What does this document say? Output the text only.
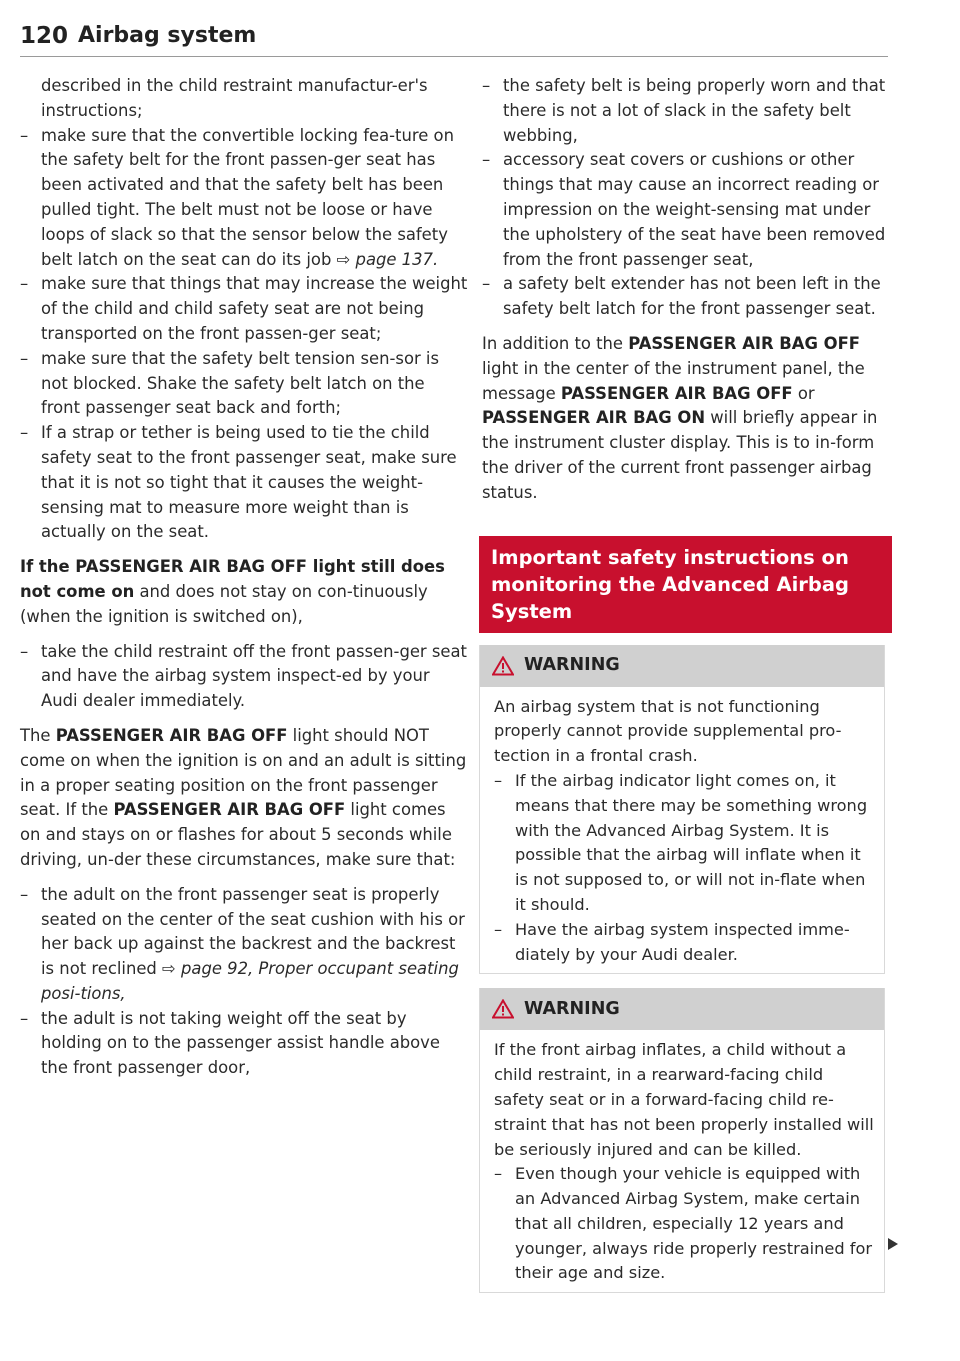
120 Airbag system

described in the child restraint manufactur-er's instructions;

– make sure that the convertible locking fea-ture on the safety belt for the front passen-ger seat has been activated and that the safety belt has been pulled tight. The belt must not be loose or have loops of slack so that the sensor below the safety belt latch on the seat can do its job ⇨ page 137.
– make sure that things that may increase the weight of the child and child safety seat are not being transported on the front passen-ger seat;
– make sure that the safety belt tension sen-sor is not blocked. Shake the safety belt latch on the front passenger seat back and forth;
– If a strap or tether is being used to tie the child safety seat to the front passenger seat, make sure that it is not so tight that it causes the weight-sensing mat to measure more weight than is actually on the seat.

If the PASSENGER AIR BAG OFF light still does not come on and does not stay on con-tinuously (when the ignition is switched on),

– take the child restraint off the front passen-ger seat and have the airbag system inspect-ed by your Audi dealer immediately.

The PASSENGER AIR BAG OFF light should NOT come on when the ignition is on and an adult is sitting in a proper seating position on the front passenger seat. If the PASSENGER AIR BAG OFF light comes on and stays on or flashes for about 5 seconds while driving, un-der these circumstances, make sure that:

– the adult on the front passenger seat is properly seated on the center of the seat cushion with his or her back up against the backrest and the backrest is not reclined ⇨ page 92, Proper occupant seating posi-tions,
– the adult is not taking weight off the seat by holding on to the passenger assist handle above the front passenger door,
– the safety belt is being properly worn and that there is not a lot of slack in the safety belt webbing,
– accessory seat covers or cushions or other things that may cause an incorrect reading or impression on the weight-sensing mat under the upholstery of the seat have been removed from the front passenger seat,
– a safety belt extender has not been left in the safety belt latch for the front passenger seat.

In addition to the PASSENGER AIR BAG OFF light in the center of the instrument panel, the message PASSENGER AIR BAG OFF or PASSENGER AIR BAG ON will briefly appear in the instrument cluster display. This is to in-form the driver of the current front passenger airbag status.

Important safety instructions on monitoring the Advanced Airbag System
WARNING

An airbag system that is not functioning properly cannot provide supplemental pro-tection in a frontal crash.

– If the airbag indicator light comes on, it means that there may be something wrong with the Advanced Airbag System. It is possible that the airbag will inflate when it is not supposed to, or will not in-flate when it should.
– Have the airbag system inspected imme-diately by your Audi dealer.
WARNING

If the front airbag inflates, a child without a child restraint, in a rearward-facing child safety seat or in a forward-facing child re-straint that has not been properly installed will be seriously injured and can be killed.

– Even though your vehicle is equipped with an Advanced Airbag System, make certain that all children, especially 12 years and younger, always ride properly restrained for their age and size.
